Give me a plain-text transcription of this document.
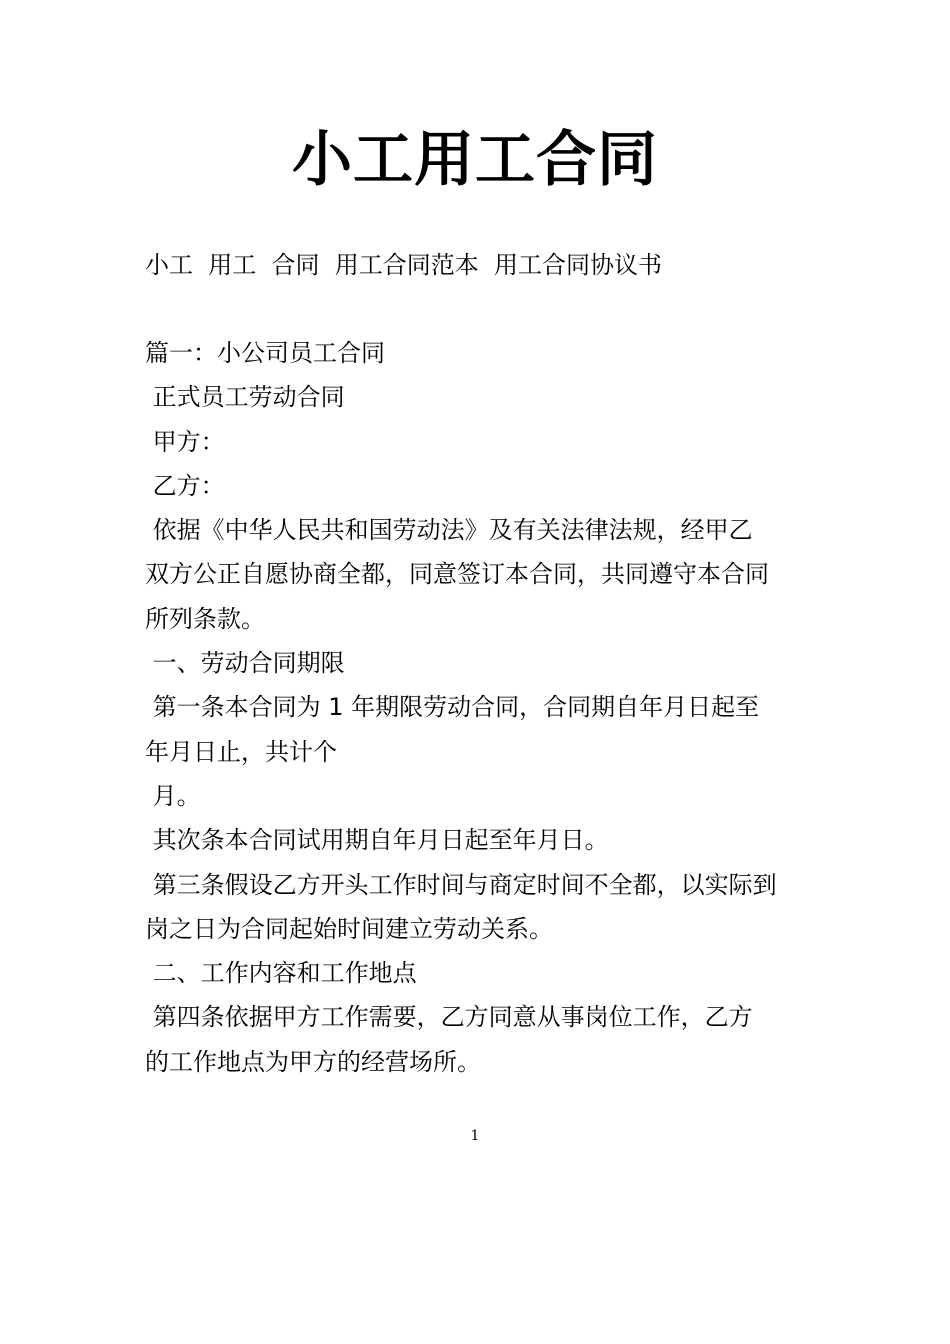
小工用工合同
小工  用工  合同  用工合同范本  用工合同协议书
篇一：小公司员工合同
正式员工劳动合同
甲方：
乙方：
依据《中华人民共和国劳动法》及有关法律法规，经甲乙
双方公正自愿协商全都，同意签订本合同，共同遵守本合同
所列条款。
一、劳动合同期限
第一条本合同为 1 年期限劳动合同，合同期自年月日起至
年月日止，共计个
月。
其次条本合同试用期自年月日起至年月日。
第三条假设乙方开头工作时间与商定时间不全都，以实际到
岗之日为合同起始时间建立劳动关系。
二、工作内容和工作地点
第四条依据甲方工作需要，乙方同意从事岗位工作，乙方
的工作地点为甲方的经营场所。
1
